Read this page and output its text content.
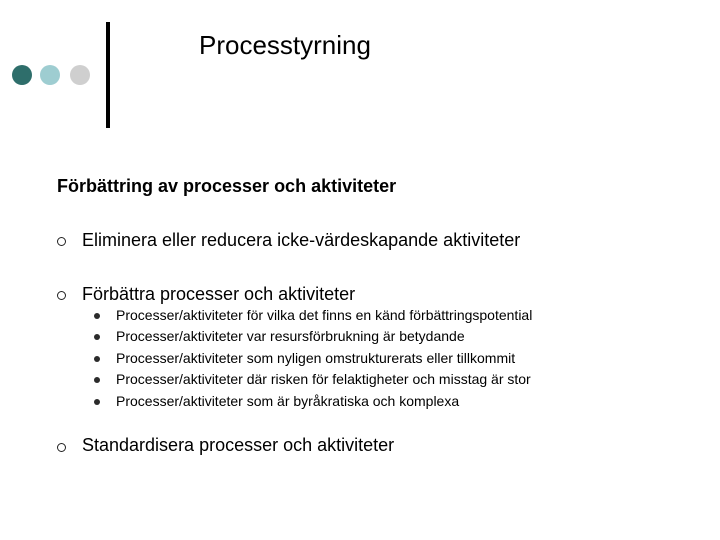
Processtyrning
Förbättring av processer och aktiviteter
Eliminera eller reducera icke-värdeskapande aktiviteter
Förbättra processer och aktiviteter
Processer/aktiviteter för vilka det finns en känd förbättringspotential
Processer/aktiviteter var resursförbrukning är betydande
Processer/aktiviteter som nyligen omstrukturerats eller tillkommit
Processer/aktiviteter där risken för felaktigheter och misstag är stor
Processer/aktiviteter som är byråkratiska och komplexa
Standardisera processer och aktiviteter
